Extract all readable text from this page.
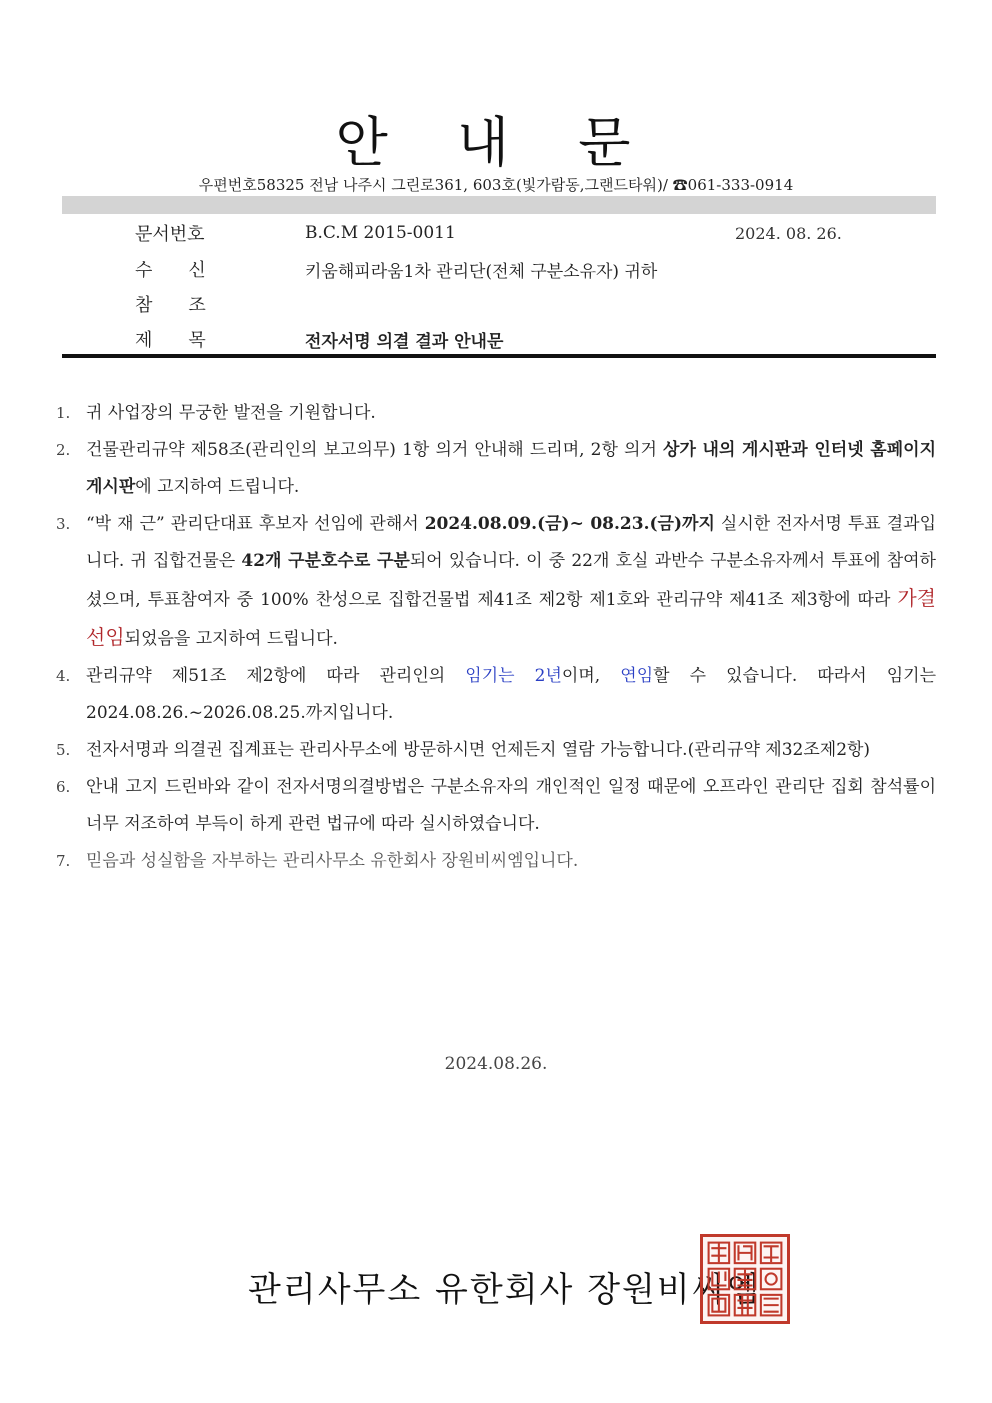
안 내 문
우편번호58325 전남 나주시 그린로361, 603호(빛가람동,그랜드타워)/ ☎061-333-0914
문서번호	B.C.M 2015-0011	2024. 08. 26.
수　　신	키움해피라움1차 관리단(전체 구분소유자) 귀하
참　　조
제　　목	전자서명 의결 결과 안내문
1. 귀 사업장의 무궁한 발전을 기원합니다.
2. 건물관리규약 제58조(관리인의 보고의무) 1항 의거 안내해 드리며, 2항 의거 상가 내의 게시판과 인터넷 홈페이지 게시판에 고지하여 드립니다.
3. “박 재 근” 관리단대표 후보자 선임에 관해서 2024.08.09.(금)~ 08.23.(금)까지 실시한 전자서명 투표 결과입니다. 귀 집합건물은 42개 구분호수로 구분되어 있습니다. 이 중 22개 호실 과반수 구분소유자께서 투표에 참여하셨으며, 투표참여자 중 100% 찬성으로 집합건물법 제41조 제2항 제1호와 관리규약 제41조 제3항에 따라 가결 선임되었음을 고지하여 드립니다.
4. 관리규약 제51조 제2항에 따라 관리인의 임기는 2년이며, 연임할 수 있습니다. 따라서 임기는 2024.08.26.~2026.08.25.까지입니다.
5. 전자서명과 의결권 집계표는 관리사무소에 방문하시면 언제든지 열람 가능합니다.(관리규약 제32조제2항)
6. 안내 고지 드린바와 같이 전자서명의결방법은 구분소유자의 개인적인 일정 때문에 오프라인 관리단 집회 참석률이 너무 저조하여 부득이 하게 관련 법규에 따라 실시하였습니다.
7. 믿음과 성실함을 자부하는 관리사무소 유한회사 장원비씨엠입니다.
2024.08.26.
관리사무소 유한회사 장원비씨엠
